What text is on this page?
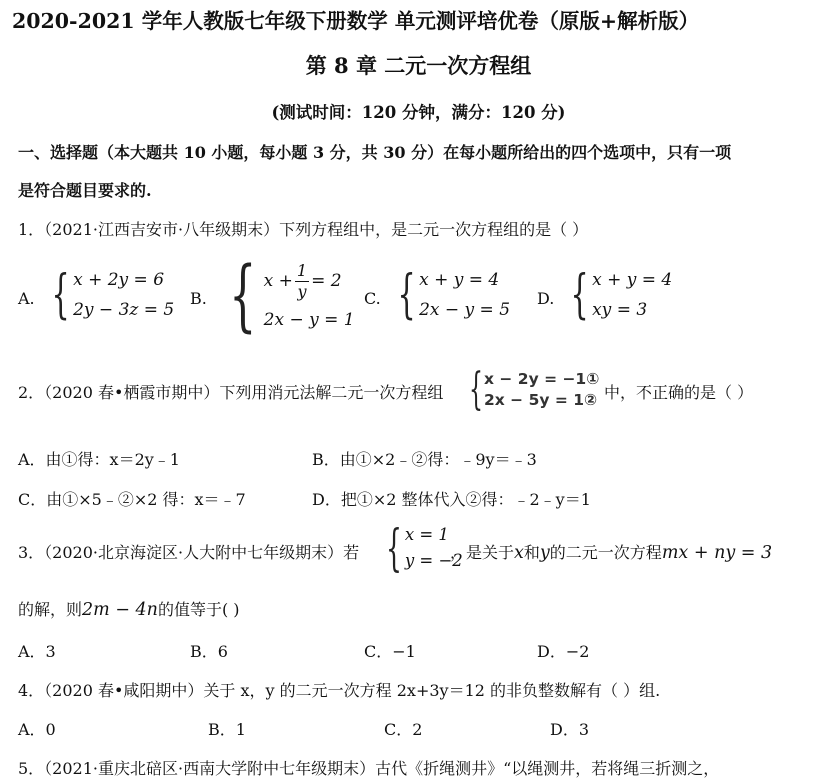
2020-2021 学年人教版七年级下册数学 单元测评培优卷（原版+解析版）
第 8 章 二元一次方程组
(测试时间：120 分钟，满分：120 分)
一、选择题（本大题共 10 小题，每小题 3 分，共 30 分）在每小题所给出的四个选项中，只有一项
是符合题目要求的.
1．（2021·江西吉安市·八年级期末）下列方程组中，是二元一次方程组的是（ ）
A. { x + 2y = 6
2y − 3z = 5
B. { $x + \frac{1}{y} = 2$
2x − y = 1
C. { x + y = 4
2x − y = 5
D. { x + y = 4
xy = 3
2．（2020 春•栖霞市期中）下列用消元法解二元一次方程组 { x − 2y = −1①
2x − 5y = 1② 中，不正确的是（ ）
A．由①得：x＝2y﹣1	B．由①×2﹣②得：﹣9y＝﹣3
C．由①×5﹣②×2 得：x＝﹣7	D．把①×2 整体代入②得：﹣2﹣y＝1
3．（2020·北京海淀区·人大附中七年级期末）若 { x = 1
y = −2
，是关于x和y的二元一次方程mx + ny = 3
的解，则2m − 4n的值等于( )
A．3	B．6	C．−1	D．−2
4．（2020 春•咸阳期中）关于 x，y 的二元一次方程 2x+3y＝12 的非负整数解有（ ）组.
A．0	B．1	C．2	D．3
5．（2021·重庆北碚区·西南大学附中七年级期末）古代《折绳测井》“以绳测井，若将绳三折测之，
